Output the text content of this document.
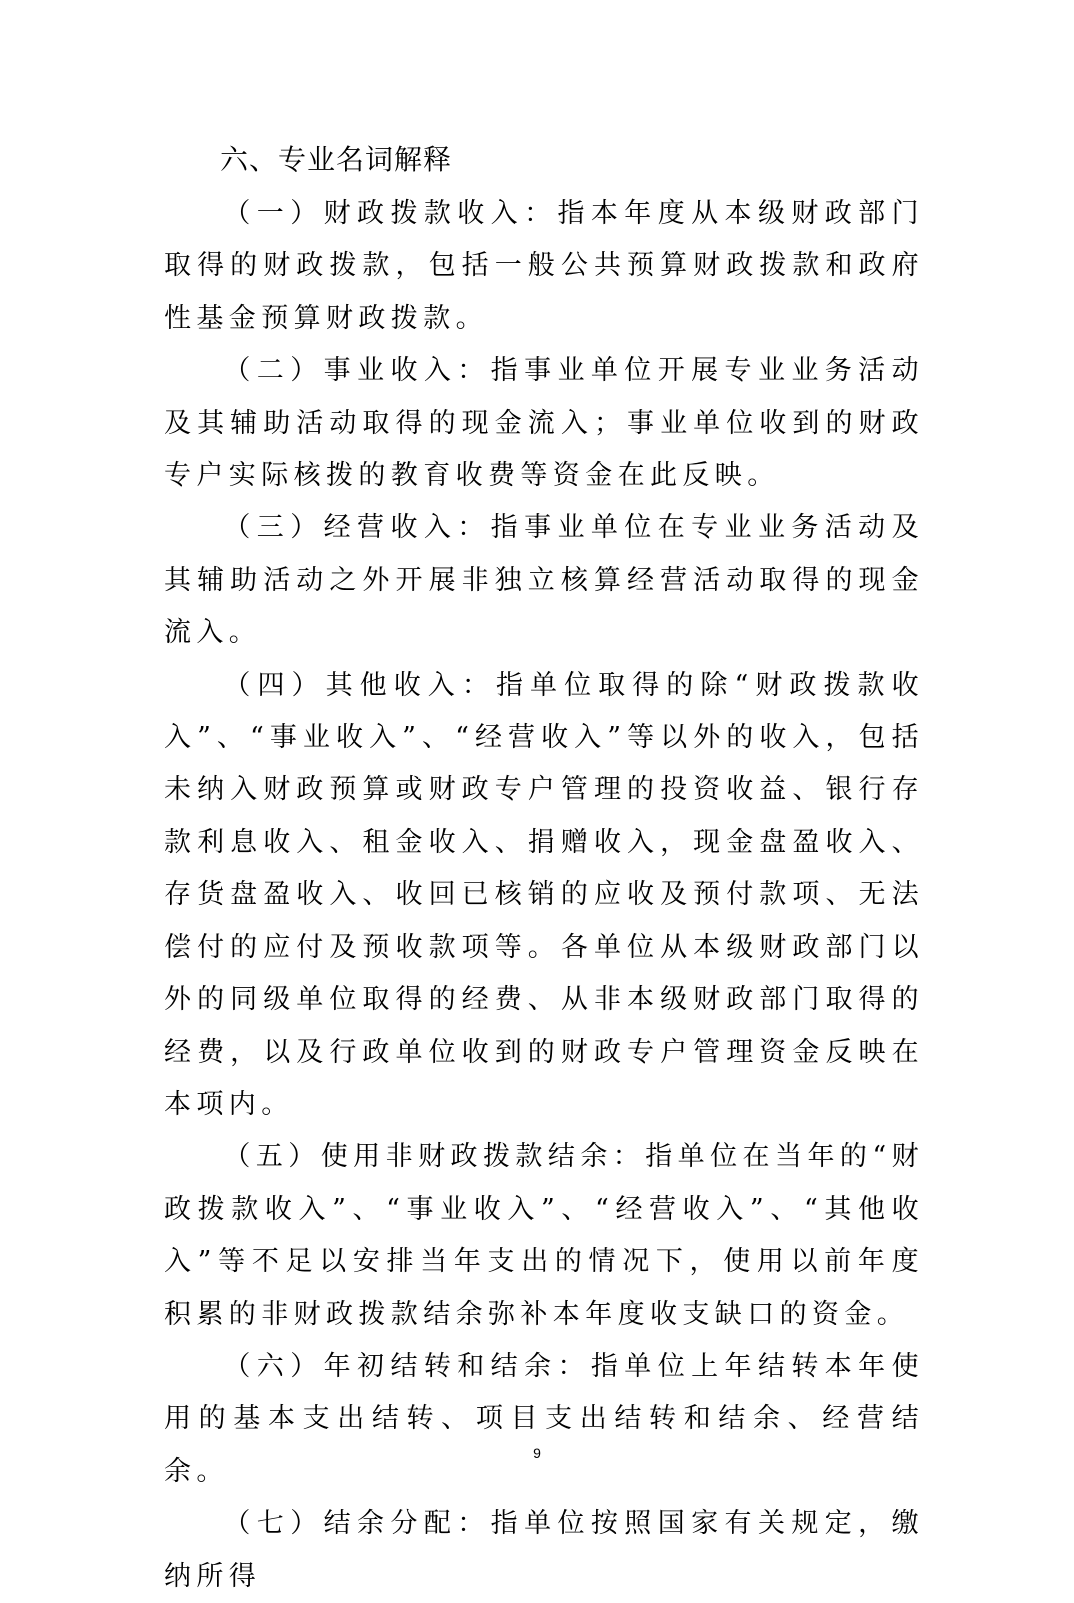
六、专业名词解释

（一）财政拨款收入：指本年度从本级财政部门取得的财政拨款，包括一般公共预算财政拨款和政府性基金预算财政拨款。

（二）事业收入：指事业单位开展专业业务活动及其辅助活动取得的现金流入；事业单位收到的财政专户实际核拨的教育收费等资金在此反映。

（三）经营收入：指事业单位在专业业务活动及其辅助活动之外开展非独立核算经营活动取得的现金流入。

（四）其他收入：指单位取得的除“财政拨款收入”、“事业收入”、“经营收入”等以外的收入，包括未纳入财政预算或财政专户管理的投资收益、银行存款利息收入、租金收入、捐赠收入，现金盘盈收入、存货盘盈收入、收回已核销的应收及预付款项、无法偿付的应付及预收款项等。各单位从本级财政部门以外的同级单位取得的经费、从非本级财政部门取得的经费，以及行政单位收到的财政专户管理资金反映在本项内。

（五）使用非财政拨款结余：指单位在当年的“财政拨款收入”、“事业收入”、“经营收入”、“其他收入”等不足以安排当年支出的情况下，使用以前年度积累的非财政拨款结余弥补本年度收支缺口的资金。

（六）年初结转和结余：指单位上年结转本年使用的基本支出结转、项目支出结转和结余、经营结余。

（七）结余分配：指单位按照国家有关规定，缴纳所得

9
